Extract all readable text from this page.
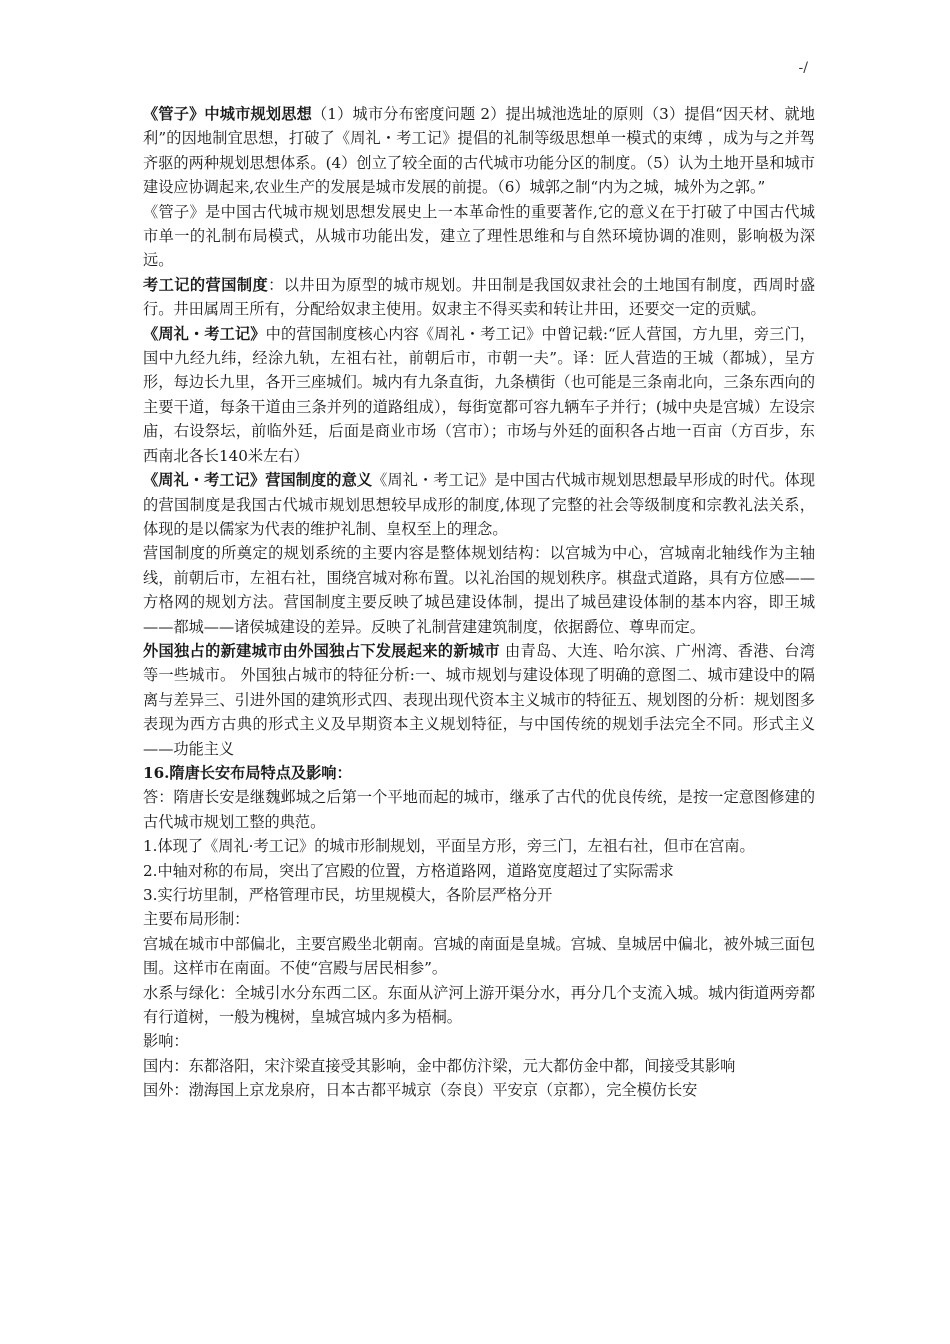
-/

《管子》中城市规划思想（1）城市分布密度问题 2）提出城池选址的原则（3）提倡“因天材、就地利”的因地制宜思想，打破了《周礼・考工记》提倡的礼制等级思想单一模式的束缚 ，成为与之并驾齐驱的两种规划思想体系。(4）创立了较全面的古代城市功能分区的制度。（5）认为土地开垦和城市建设应协调起来,农业生产的发展是城市发展的前提。（6）城郭之制“内为之城，城外为之郭。”

《管子》是中国古代城市规划思想发展史上一本革命性的重要著作,它的意义在于打破了中国古代城市单一的礼制布局模式，从城市功能出发，建立了理性思维和与自然环境协调的准则，影响极为深远。

考工记的营国制度：以井田为原型的城市规划。井田制是我国奴隶社会的土地国有制度，西周时盛行。井田属周王所有，分配给奴隶主使用。奴隶主不得买卖和转让井田，还要交一定的贡赋。

《周礼・考工记》中的营国制度核心内容《周礼・考工记》中曾记载:“匠人营国，方九里，旁三门，国中九经九纬，经涂九轨，左祖右社，前朝后市，市朝一夫”。译：匠人营造的王城（都城），呈方形，每边长九里，各开三座城们。城内有九条直街，九条横街（也可能是三条南北向，三条东西向的主要干道，每条干道由三条并列的道路组成），每街宽都可容九辆车子并行；(城中央是宫城）左设宗庙，右设祭坛，前临外廷，后面是商业市场（宫市）；市场与外廷的面积各占地一百亩（方百步，东西南北各长140米左右）

《周礼・考工记》营国制度的意义《周礼・考工记》是中国古代城市规划思想最早形成的时代。体现的营国制度是我国古代城市规划思想较早成形的制度,体现了完整的社会等级制度和宗教礼法关系，体现的是以儒家为代表的维护礼制、皇权至上的理念。

营国制度的所奠定的规划系统的主要内容是整体规划结构：以宫城为中心，宫城南北轴线作为主轴线，前朝后市，左祖右社，围绕宫城对称布置。以礼治国的规划秩序。棋盘式道路，具有方位感——方格网的规划方法。营国制度主要反映了城邑建设体制，提出了城邑建设体制的基本内容，即王城——都城——诸侯城建设的差异。反映了礼制营建建筑制度，依据爵位、尊卑而定。

外国独占的新建城市由外国独占下发展起来的新城市 由青岛、大连、哈尔滨、广州湾、香港、台湾等一些城市。 外国独占城市的特征分析:一、城市规划与建设体现了明确的意图二、城市建设中的隔离与差异三、引进外国的建筑形式四、表现出现代资本主义城市的特征五、规划图的分析：规划图多表现为西方古典的形式主义及早期资本主义规划特征，与中国传统的规划手法完全不同。形式主义——功能主义

16.隋唐长安布局特点及影响：

答：隋唐长安是继魏邺城之后第一个平地而起的城市，继承了古代的优良传统，是按一定意图修建的古代城市规划工整的典范。

1.体现了《周礼·考工记》的城市形制规划，平面呈方形，旁三门，左祖右社，但市在宫南。

2.中轴对称的布局，突出了宫殿的位置，方格道路网，道路宽度超过了实际需求

3.实行坊里制，严格管理市民，坊里规模大，各阶层严格分开

主要布局形制：

宫城在城市中部偏北，主要宫殿坐北朝南。宫城的南面是皇城。宫城、皇城居中偏北，被外城三面包围。这样市在南面。不使“宫殿与居民相参”。

水系与绿化：全城引水分东西二区。东面从浐河上游开渠分水，再分几个支流入城。城内街道两旁都有行道树，一般为槐树，皇城宫城内多为梧桐。

影响：

国内：东都洛阳，宋汴梁直接受其影响，金中都仿汴梁，元大都仿金中都，间接受其影响

国外：渤海国上京龙泉府，日本古都平城京（奈良）平安京（京都），完全模仿长安
